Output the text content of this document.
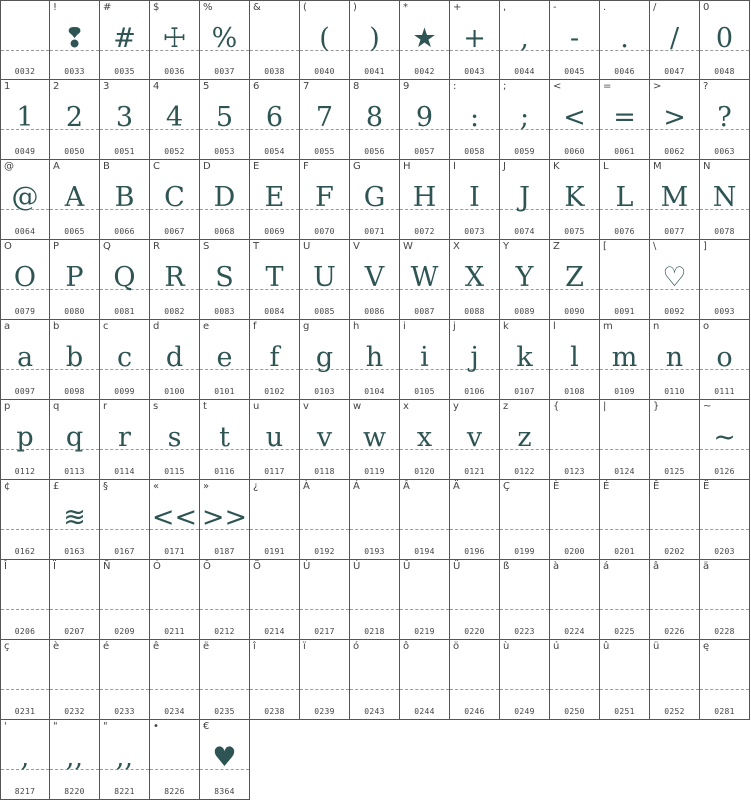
0032
!
❢
0033
#
#
0035
$
☩
0036
%
%
0037
&
0038
(
(
0040
)
)
0041
*
★
0042
+
+
0043
,
,
0044
-
-
0045
.
.
0046
/
/
0047
0
0
0048
1
1
0049
2
2
0050
3
3
0051
4
4
0052
5
5
0053
6
6
0054
7
7
0055
8
8
0056
9
9
0057
:
:
0058
;
;
0059
<
<
0060
=
=
0061
>
>
0062
?
?
0063
@
@
0064
A
A
0065
B
B
0066
C
C
0067
D
D
0068
E
E
0069
F
F
0070
G
G
0071
H
H
0072
I
I
0073
J
J
0074
K
K
0075
L
L
0076
M
M
0077
N
N
0078
O
O
0079
P
P
0080
Q
Q
0081
R
R
0082
S
S
0083
T
T
0084
U
U
0085
V
V
0086
W
W
0087
X
X
0088
Y
Y
0089
Z
Z
0090
[
0091
\
♡
0092
]
0093
a
a
0097
b
b
0098
c
c
0099
d
d
0100
e
e
0101
f
f
0102
g
g
0103
h
h
0104
i
i
0105
j
j
0106
k
k
0107
l
l
0108
m
m
0109
n
n
0110
o
o
0111
p
p
0112
q
q
0113
r
r
0114
s
s
0115
t
t
0116
u
u
0117
v
v
0118
w
w
0119
x
x
0120
y
v
0121
z
z
0122
{
0123
|
0124
}
0125
~
~
0126
¢
0162
£
≋
0163
§
0167
«
<<
0171
»
>>
0187
¿
0191
À
0192
Á
0193
Â
0194
Ä
0196
Ç
0199
È
0200
É
0201
Ê
0202
Ë
0203
Î
0206
Ï
0207
Ñ
0209
Ó
0211
Ô
0212
Ö
0214
Ù
0217
Ú
0218
Û
0219
Ü
0220
ß
0223
à
0224
á
0225
â
0226
ä
0228
ç
0231
è
0232
é
0233
ê
0234
ë
0235
î
0238
ï
0239
ó
0243
ô
0244
ö
0246
ù
0249
ú
0250
û
0251
ü
0252
ę
0281
'
,
8217
"
,,
8220
"
,,
8221
•
8226
€
♥
8364
